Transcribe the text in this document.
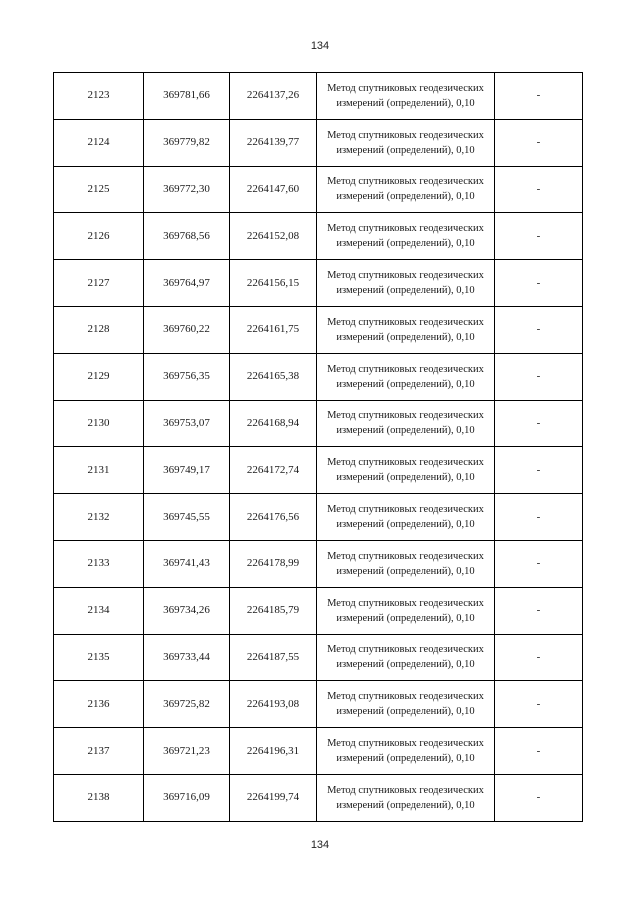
134
2123	369781,66	2264137,26	Метод спутниковых геодезических измерений (определений), 0,10	-
2124	369779,82	2264139,77	Метод спутниковых геодезических измерений (определений), 0,10	-
2125	369772,30	2264147,60	Метод спутниковых геодезических измерений (определений), 0,10	-
2126	369768,56	2264152,08	Метод спутниковых геодезических измерений (определений), 0,10	-
2127	369764,97	2264156,15	Метод спутниковых геодезических измерений (определений), 0,10	-
2128	369760,22	2264161,75	Метод спутниковых геодезических измерений (определений), 0,10	-
2129	369756,35	2264165,38	Метод спутниковых геодезических измерений (определений), 0,10	-
2130	369753,07	2264168,94	Метод спутниковых геодезических измерений (определений), 0,10	-
2131	369749,17	2264172,74	Метод спутниковых геодезических измерений (определений), 0,10	-
2132	369745,55	2264176,56	Метод спутниковых геодезических измерений (определений), 0,10	-
2133	369741,43	2264178,99	Метод спутниковых геодезических измерений (определений), 0,10	-
2134	369734,26	2264185,79	Метод спутниковых геодезических измерений (определений), 0,10	-
2135	369733,44	2264187,55	Метод спутниковых геодезических измерений (определений), 0,10	-
2136	369725,82	2264193,08	Метод спутниковых геодезических измерений (определений), 0,10	-
2137	369721,23	2264196,31	Метод спутниковых геодезических измерений (определений), 0,10	-
2138	369716,09	2264199,74	Метод спутниковых геодезических измерений (определений), 0,10	-
134
